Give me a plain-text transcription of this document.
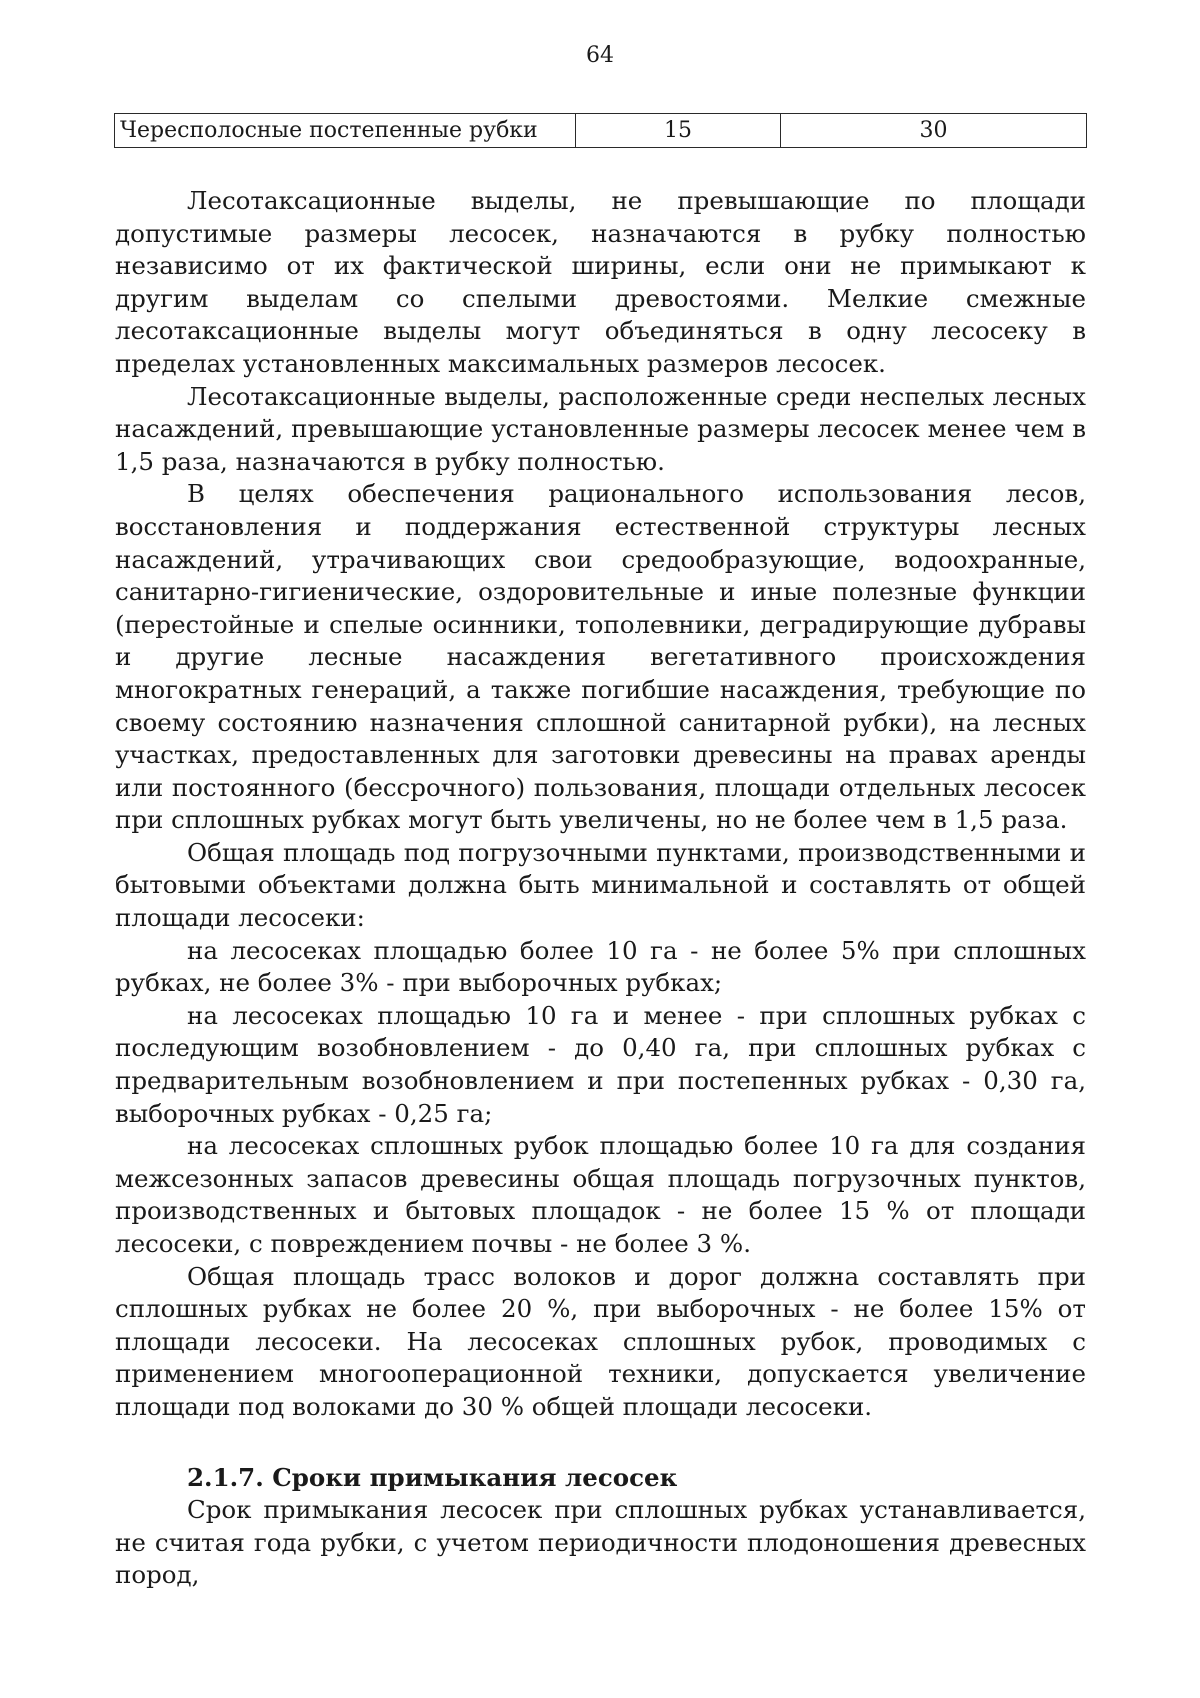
64
Чересполосные постепенные рубки	15	30

Лесотаксационные выделы, не превышающие по площади допустимые размеры лесосек, назначаются в рубку полностью независимо от их фактической ширины, если они не примыкают к другим выделам со спелыми древостоями. Мелкие смежные лесотаксационные выделы могут объединяться в одну лесосеку в пределах установленных максимальных размеров лесосек.

Лесотаксационные выделы, расположенные среди неспелых лесных насаждений, превышающие установленные размеры лесосек менее чем в 1,5 раза, назначаются в рубку полностью.

В целях обеспечения рационального использования лесов, восстановления и поддержания естественной структуры лесных насаждений, утрачивающих свои средообразующие, водоохранные, санитарно-гигиенические, оздоровительные и иные полезные функции (перестойные и спелые осинники, тополевники, деградирующие дубравы и другие лесные насаждения вегетативного происхождения многократных генераций, а также погибшие насаждения, требующие по своему состоянию назначения сплошной санитарной рубки), на лесных участках, предоставленных для заготовки древесины на правах аренды или постоянного (бессрочного) пользования, площади отдельных лесосек при сплошных рубках могут быть увеличены, но не более чем в 1,5 раза.

Общая площадь под погрузочными пунктами, производственными и бытовыми объектами должна быть минимальной и составлять от общей площади лесосеки:

на лесосеках площадью более 10 га - не более 5% при сплошных рубках, не более 3% - при выборочных рубках;

на лесосеках площадью 10 га и менее - при сплошных рубках с последующим возобновлением - до 0,40 га, при сплошных рубках с предварительным возобновлением и при постепенных рубках - 0,30 га, выборочных рубках - 0,25 га;

на лесосеках сплошных рубок площадью более 10 га для создания межсезонных запасов древесины общая площадь погрузочных пунктов, производственных и бытовых площадок - не более 15 % от площади лесосеки, с повреждением почвы - не более 3 %.

Общая площадь трасс волоков и дорог должна составлять при сплошных рубках не более 20 %, при выборочных - не более 15% от площади лесосеки. На лесосеках сплошных рубок, проводимых с применением многооперационной техники, допускается увеличение площади под волоками до 30 % общей площади лесосеки.

2.1.7. Сроки примыкания лесосек

Срок примыкания лесосек при сплошных рубках устанавливается, не считая года рубки, с учетом периодичности плодоношения древесных пород,
